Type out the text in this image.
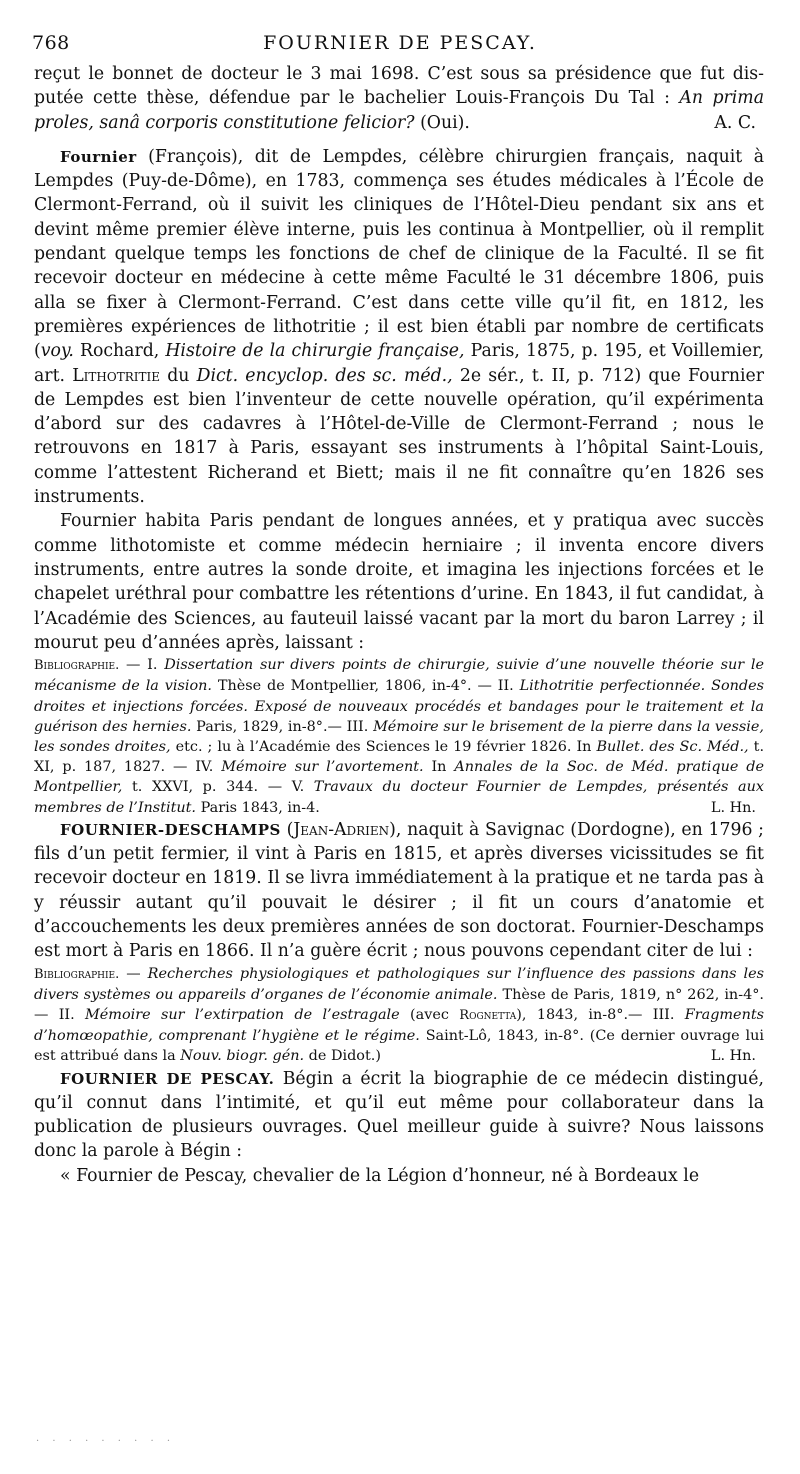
768	FOURNIER DE PESCAY.

reçut le bonnet de docteur le 3 mai 1698. C’est sous sa présidence que fut dis- putée cette thèse, défendue par le bachelier Louis-François Du Tal : An prima proles, sanâ corporis constitutione felicior? (Oui).	A. C.

Fournier (François), dit de Lempdes, célèbre chirurgien français, naquit à Lempdes (Puy-de-Dôme), en 1783, commença ses études médicales à l’École de Clermont-Ferrand, où il suivit les cliniques de l’Hôtel-Dieu pendant six ans et devint même premier élève interne, puis les continua à Montpellier, où il remplit pendant quelque temps les fonctions de chef de clinique de la Faculté. Il se fit recevoir docteur en médecine à cette même Faculté le 31 décembre 1806, puis alla se fixer à Clermont-Ferrand. C’est dans cette ville qu’il fit, en 1812, les premières expériences de lithotritie ; il est bien établi par nombre de certificats (voy. Rochard, Histoire de la chirurgie française, Paris, 1875, p. 195, et Voillemier, art. Lithotritie du Dict. encyclop. des sc. méd., 2e sér., t. II, p. 712) que Fournier de Lempdes est bien l’inventeur de cette nouvelle opération, qu’il expérimenta d’abord sur des cadavres à l’Hôtel-de-Ville de Clermont-Ferrand ; nous le retrouvons en 1817 à Paris, essayant ses instruments à l’hôpital Saint-Louis, comme l’attestent Richerand et Biett; mais il ne fit connaître qu’en 1826 ses instruments.

Fournier habita Paris pendant de longues années, et y pratiqua avec succès comme lithotomiste et comme médecin herniaire ; il inventa encore divers instruments, entre autres la sonde droite, et imagina les injections forcées et le chapelet uréthral pour combattre les rétentions d’urine. En 1843, il fut candidat, à l’Académie des Sciences, au fauteuil laissé vacant par la mort du baron Larrey ; il mourut peu d’années après, laissant :

Bibliographie. — I. Dissertation sur divers points de chirurgie, suivie d’une nouvelle théorie sur le mécanisme de la vision. Thèse de Montpellier, 1806, in-4°. — II. Lithotritie perfectionnée. Sondes droites et injections forcées. Exposé de nouveaux procédés et bandages pour le traitement et la guérison des hernies. Paris, 1829, in-8°.— III. Mémoire sur le brisement de la pierre dans la vessie, les sondes droites, etc. ; lu à l’Académie des Sciences le 19 février 1826. In Bullet. des Sc. Méd., t. XI, p. 187, 1827. — IV. Mémoire sur l’avortement. In Annales de la Soc. de Méd. pratique de Montpellier, t. XXVI, p. 344. — V. Travaux du docteur Fournier de Lempdes, présentés aux membres de l’Institut. Paris 1843, in-4.	L. Hn.

FOURNIER-DESCHAMPS (Jean-Adrien), naquit à Savignac (Dordogne), en 1796 ; fils d’un petit fermier, il vint à Paris en 1815, et après diverses vicissitudes se fit recevoir docteur en 1819. Il se livra immédiatement à la pratique et ne tarda pas à y réussir autant qu’il pouvait le désirer ; il fit un cours d’anatomie et d’accouchements les deux premières années de son doctorat. Fournier-Deschamps est mort à Paris en 1866. Il n’a guère écrit ; nous pouvons cependant citer de lui :

Bibliographie. — Recherches physiologiques et pathologiques sur l’influence des passions dans les divers systèmes ou appareils d’organes de l’économie animale. Thèse de Paris, 1819, n° 262, in-4°. — II. Mémoire sur l’extirpation de l’estragale (avec Rognetta), 1843, in-8°.— III. Fragments d’homœopathie, comprenant l’hygiène et le régime. Saint-Lô, 1843, in-8°. (Ce dernier ouvrage lui est attribué dans la Nouv. biogr. gén. de Didot.)	L. Hn.

FOURNIER DE PESCAY. Bégin a écrit la biographie de ce médecin distingué, qu’il connut dans l’intimité, et qu’il eut même pour collaborateur dans la publication de plusieurs ouvrages. Quel meilleur guide à suivre? Nous laissons donc la parole à Bégin :

« Fournier de Pescay, chevalier de la Légion d’honneur, né à Bordeaux le

· · · · · · · · ·
